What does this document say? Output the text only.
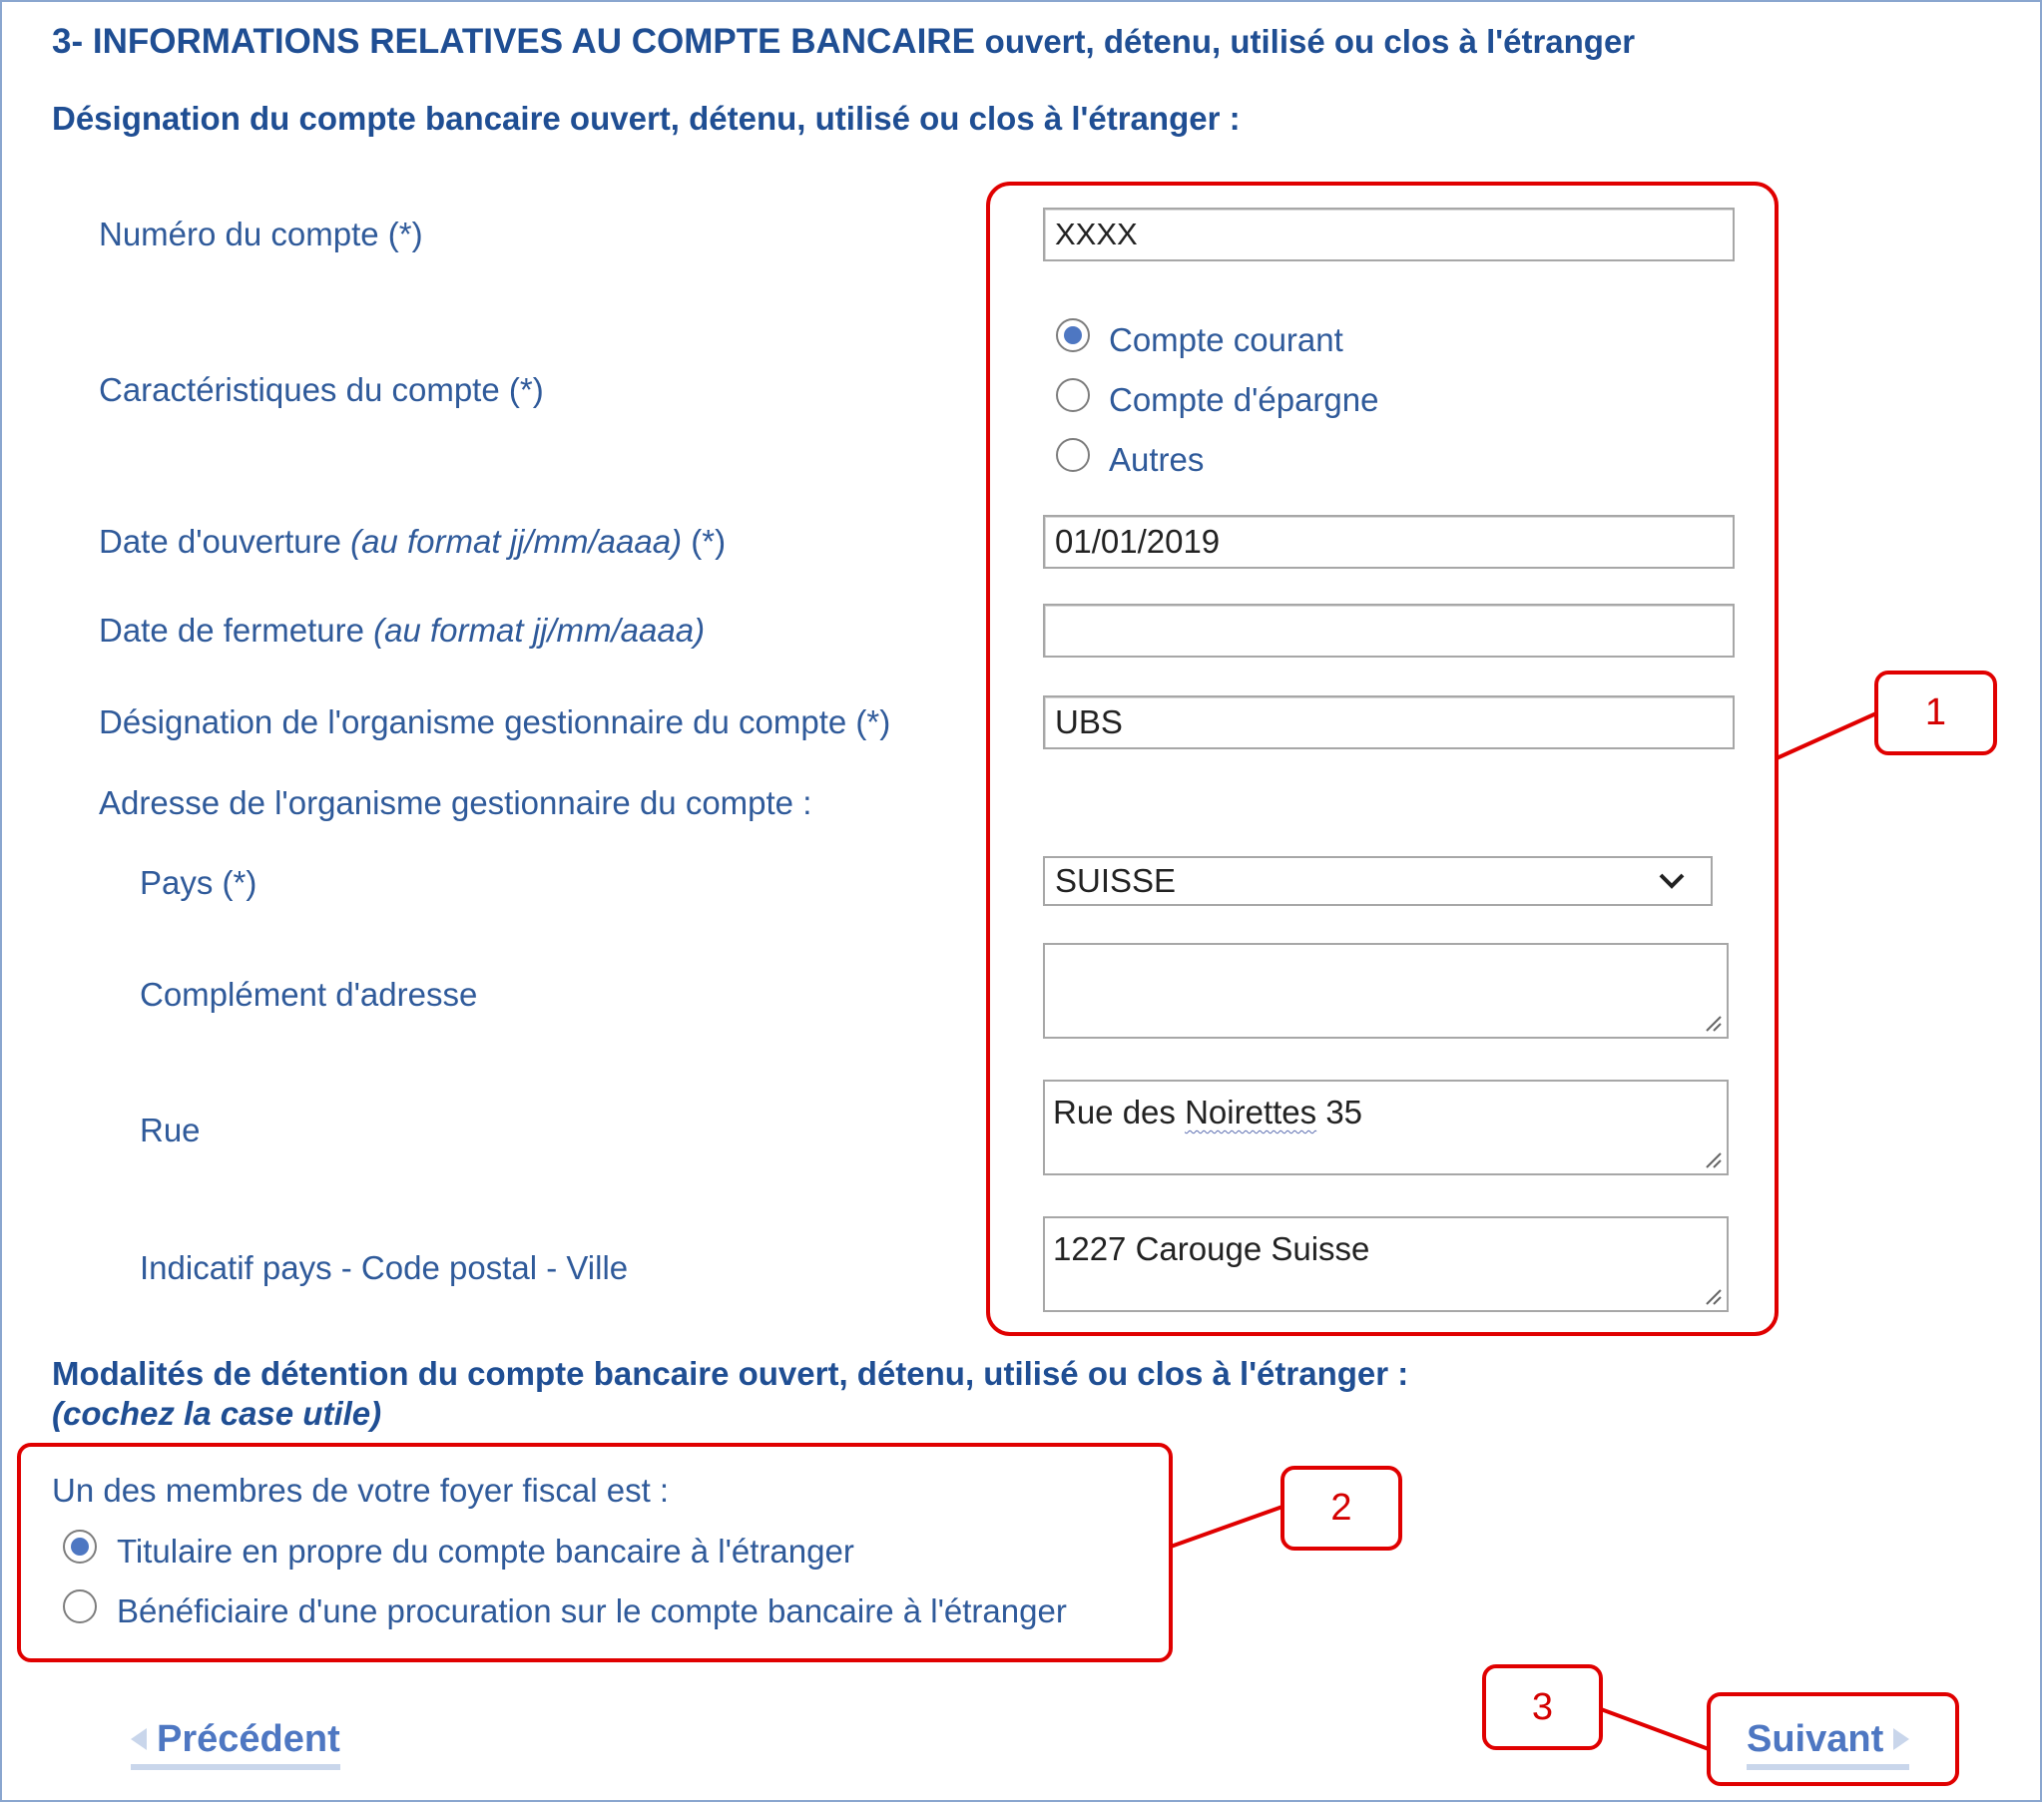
3- INFORMATIONS RELATIVES AU COMPTE BANCAIRE ouvert, détenu, utilisé ou clos à l'étranger
Désignation du compte bancaire ouvert, détenu, utilisé ou clos à l'étranger :
Numéro du compte (*)
Caractéristiques du compte (*)
Date d'ouverture (au format jj/mm/aaaa) (*)
Date de fermeture (au format jj/mm/aaaa)
Désignation de l'organisme gestionnaire du compte (*)
Adresse de l'organisme gestionnaire du compte :
Pays (*)
Complément d'adresse
Rue
Indicatif pays - Code postal - Ville
XXXX
Compte courant
Compte d'épargne
Autres
01/01/2019
UBS
SUISSE
Rue des Noirettes 35
1227 Carouge Suisse
1
Modalités de détention du compte bancaire ouvert, détenu, utilisé ou clos à l'étranger :
(cochez la case utile)
Un des membres de votre foyer fiscal est :
Titulaire en propre du compte bancaire à l'étranger
Bénéficiaire d'une procuration sur le compte bancaire à l'étranger
2
Précédent	Suivant
3
